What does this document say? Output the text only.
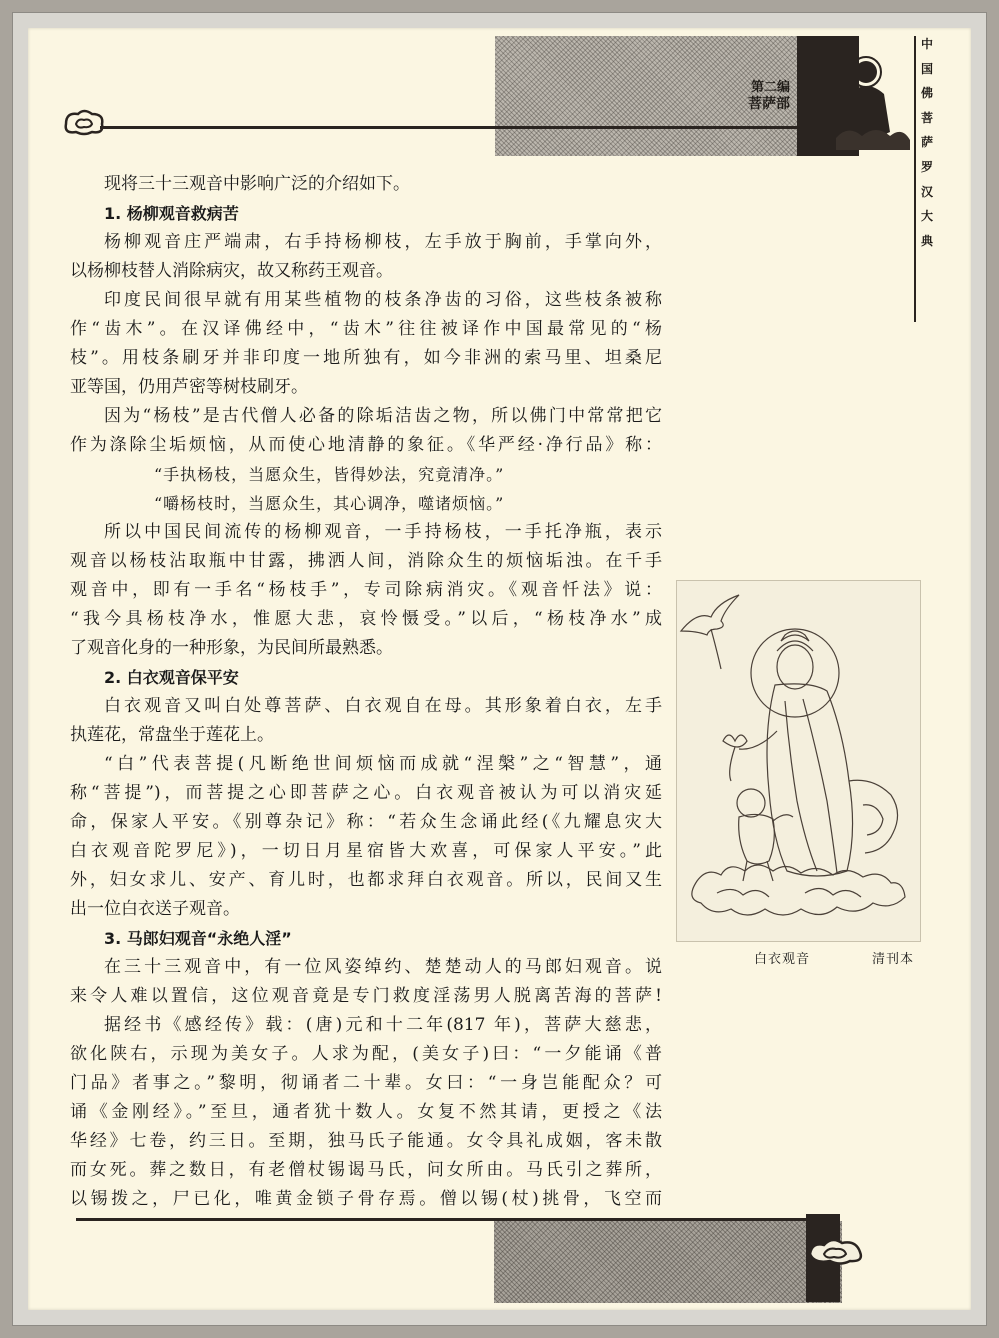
第二编
菩萨部
中
国
佛
菩
萨
罗
汉
大
典
现将三十三观音中影响广泛的介绍如下。
1. 杨柳观音救病苦
杨柳观音庄严端肃，右手持杨柳枝，左手放于胸前，手掌向外，
以杨柳枝替人消除病灾，故又称药王观音。
印度民间很早就有用某些植物的枝条净齿的习俗，这些枝条被称
作“齿木”。在汉译佛经中，“齿木”往往被译作中国最常见的“杨
枝”。用枝条刷牙并非印度一地所独有，如今非洲的索马里、坦桑尼
亚等国，仍用芦密等树枝刷牙。
因为“杨枝”是古代僧人必备的除垢洁齿之物，所以佛门中常常把它
作为涤除尘垢烦恼，从而使心地清静的象征。《华严经·净行品》称：
“手执杨枝，当愿众生，皆得妙法，究竟清净。”
“嚼杨枝时，当愿众生，其心调净，噬诸烦恼。”
所以中国民间流传的杨柳观音，一手持杨枝，一手托净瓶，表示
观音以杨枝沾取瓶中甘露，拂洒人间，消除众生的烦恼垢浊。在千手
观音中，即有一手名“杨枝手”，专司除病消灾。《观音忏法》说：
“我今具杨枝净水，惟愿大悲，哀怜慑受。”以后，“杨枝净水”成
了观音化身的一种形象，为民间所最熟悉。
2. 白衣观音保平安
白衣观音又叫白处尊菩萨、白衣观自在母。其形象着白衣，左手
执莲花，常盘坐于莲花上。
“白”代表菩提(凡断绝世间烦恼而成就“涅槃”之“智慧”，通
称“菩提”)，而菩提之心即菩萨之心。白衣观音被认为可以消灾延
命，保家人平安。《别尊杂记》称：“若众生念诵此经(《九耀息灾大
白衣观音陀罗尼》)，一切日月星宿皆大欢喜，可保家人平安。”此
外，妇女求儿、安产、育儿时，也都求拜白衣观音。所以，民间又生
出一位白衣送子观音。
3. 马郎妇观音“永绝人淫”
在三十三观音中，有一位风姿绰约、楚楚动人的马郎妇观音。说
来令人难以置信，这位观音竟是专门救度淫荡男人脱离苦海的菩萨!
据经书《感经传》载：(唐)元和十二年(817 年)，菩萨大慈悲，
欲化陕右，示现为美女子。人求为配，(美女子)曰：“一夕能诵《普
门品》者事之。”黎明，彻诵者二十辈。女曰：“一身岂能配众？可
诵《金刚经》。”至旦，通者犹十数人。女复不然其请，更授之《法
华经》七卷，约三日。至期，独马氏子能通。女令具礼成姻，客未散
而女死。葬之数日，有老僧杖锡谒马氏，问女所由。马氏引之葬所，
以锡拨之，尸已化，唯黄金锁子骨存焉。僧以锡(杖)挑骨，飞空而
白衣观音	清刊本
